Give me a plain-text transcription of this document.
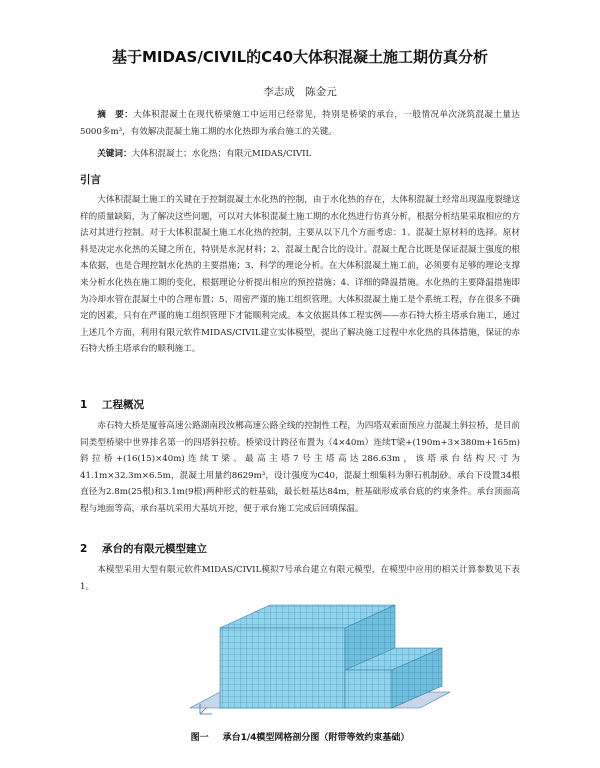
基于MIDAS/CIVIL的C40大体积混凝土施工期仿真分析
李志成　陈金元

摘　要：大体积混凝土在现代桥梁施工中运用已经常见，特别是桥梁的承台，一般情况单次浇筑混凝土量达5000多m³，有效解决混凝土施工期的水化热即为承台施工的关键。

关键词：大体积混凝土；水化热；有限元MIDAS/CIVIL

引言

大体积混凝土施工的关键在于控制混凝土水化热的控制，由于水化热的存在，大体积混凝土经常出现温度裂缝这样的质量缺陷，为了解决这些问题，可以对大体积混凝土施工期的水化热进行仿真分析，根据分析结果采取相应的方法对其进行控制。对于大体积混凝土施工水化热的控制，主要从以下几个方面考虑：1、混凝土原材料的选择。原材料是决定水化热的关键之所在，特别是水泥材料；2、混凝土配合比的设计。混凝土配合比既是保证混凝土强度的根本依据，也是合理控制水化热的主要措施；3、科学的理论分析。在大体积混凝土施工前，必须要有足够的理论支撑来分析水化热在施工期的变化，根据理论分析提出相应的预控措施；4、详细的降温措施。水化热的主要降温措施即为冷却水管在混凝土中的合理布置；5、周密严谨的施工组织管理。大体积混凝土施工是个系统工程，存在很多不确定的因素，只有在严谨的施工组织管理下才能顺利完成。本文依据具体工程实例——赤石特大桥主塔承台施工，通过上述几个方面，利用有限元软件MIDAS/CIVIL建立实体模型，提出了解决施工过程中水化热的具体措施，保证的赤石特大桥主塔承台的顺利施工。

1 工程概况

赤石特大桥是厦蓉高速公路湖南段汝郴高速公路全线的控制性工程，为四塔双索面预应力混凝土斜拉桥，是目前同类型桥梁中世界排名第一的四塔斜拉桥。桥梁设计跨径布置为（4×40m）连续T梁+(190m+3×380m+165m)斜拉桥+(16(15)×40m)连续T梁。最高主塔7号主塔高达286.63m，该塔承台结构尺寸为41.1m×32.3m×6.5m，混凝土用量约8629m³，设计强度为C40，混凝土细集料为卵石机制砂。承台下设置34根直径为2.8m(25根)和3.1m(9根)两种形式的桩基础，最长桩基达84m，桩基础形成承台底的约束条件。承台顶面高程与地面等高，承台基坑采用大基坑开挖，便于承台施工完成后回填保温。

2 承台的有限元模型建立

本模型采用大型有限元软件MIDAS/CIVIL模拟7号承台建立有限元模型，在模型中应用的相关计算参数见下表1。

图一 承台1/4模型网格剖分图（附带等效约束基础）
